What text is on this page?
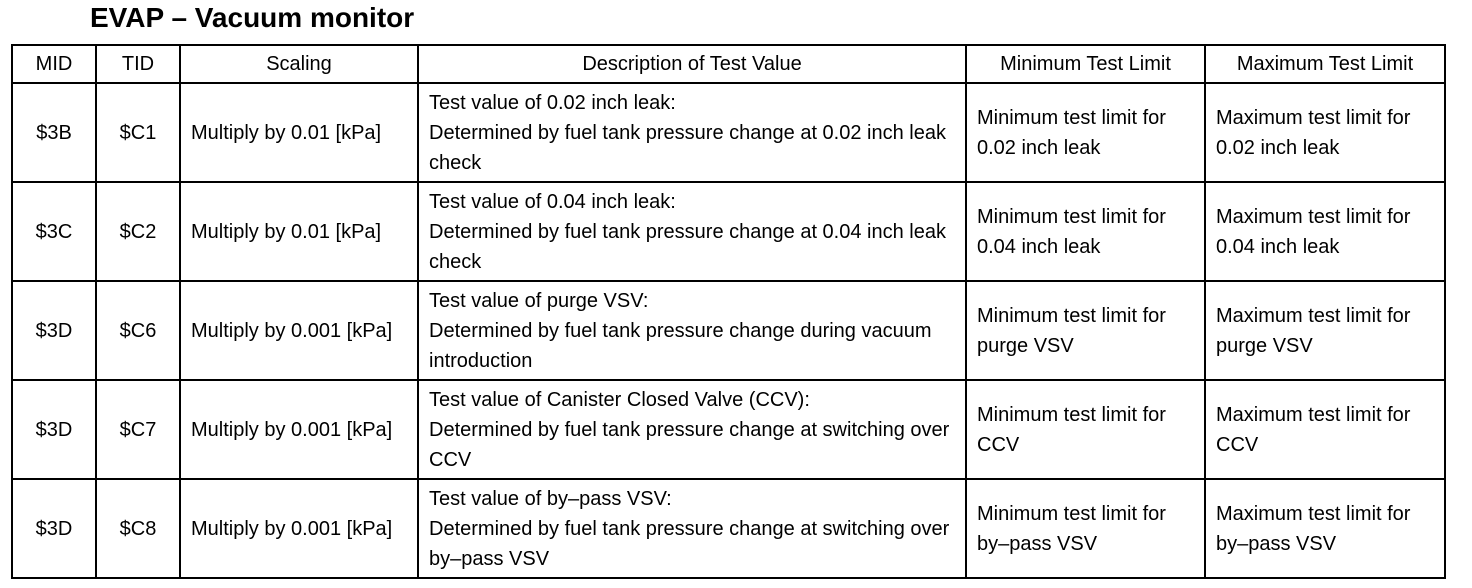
EVAP – Vacuum monitor
MID	TID	Scaling	Description of Test Value	Minimum Test Limit	Maximum Test Limit
$3B	$C1	Multiply by 0.01 [kPa]	Test value of 0.02 inch leak:
Determined by fuel tank pressure change at 0.02 inch leak check	Minimum test limit for 0.02 inch leak	Maximum test limit for 0.02 inch leak
$3C	$C2	Multiply by 0.01 [kPa]	Test value of 0.04 inch leak:
Determined by fuel tank pressure change at 0.04 inch leak check	Minimum test limit for 0.04 inch leak	Maximum test limit for 0.04 inch leak
$3D	$C6	Multiply by 0.001 [kPa]	Test value of purge VSV:
Determined by fuel tank pressure change during vacuum introduction	Minimum test limit for purge VSV	Maximum test limit for purge VSV
$3D	$C7	Multiply by 0.001 [kPa]	Test value of Canister Closed Valve (CCV):
Determined by fuel tank pressure change at switching over CCV	Minimum test limit for CCV	Maximum test limit for CCV
$3D	$C8	Multiply by 0.001 [kPa]	Test value of by–pass VSV:
Determined by fuel tank pressure change at switching over by–pass VSV	Minimum test limit for by–pass VSV	Maximum test limit for by–pass VSV
